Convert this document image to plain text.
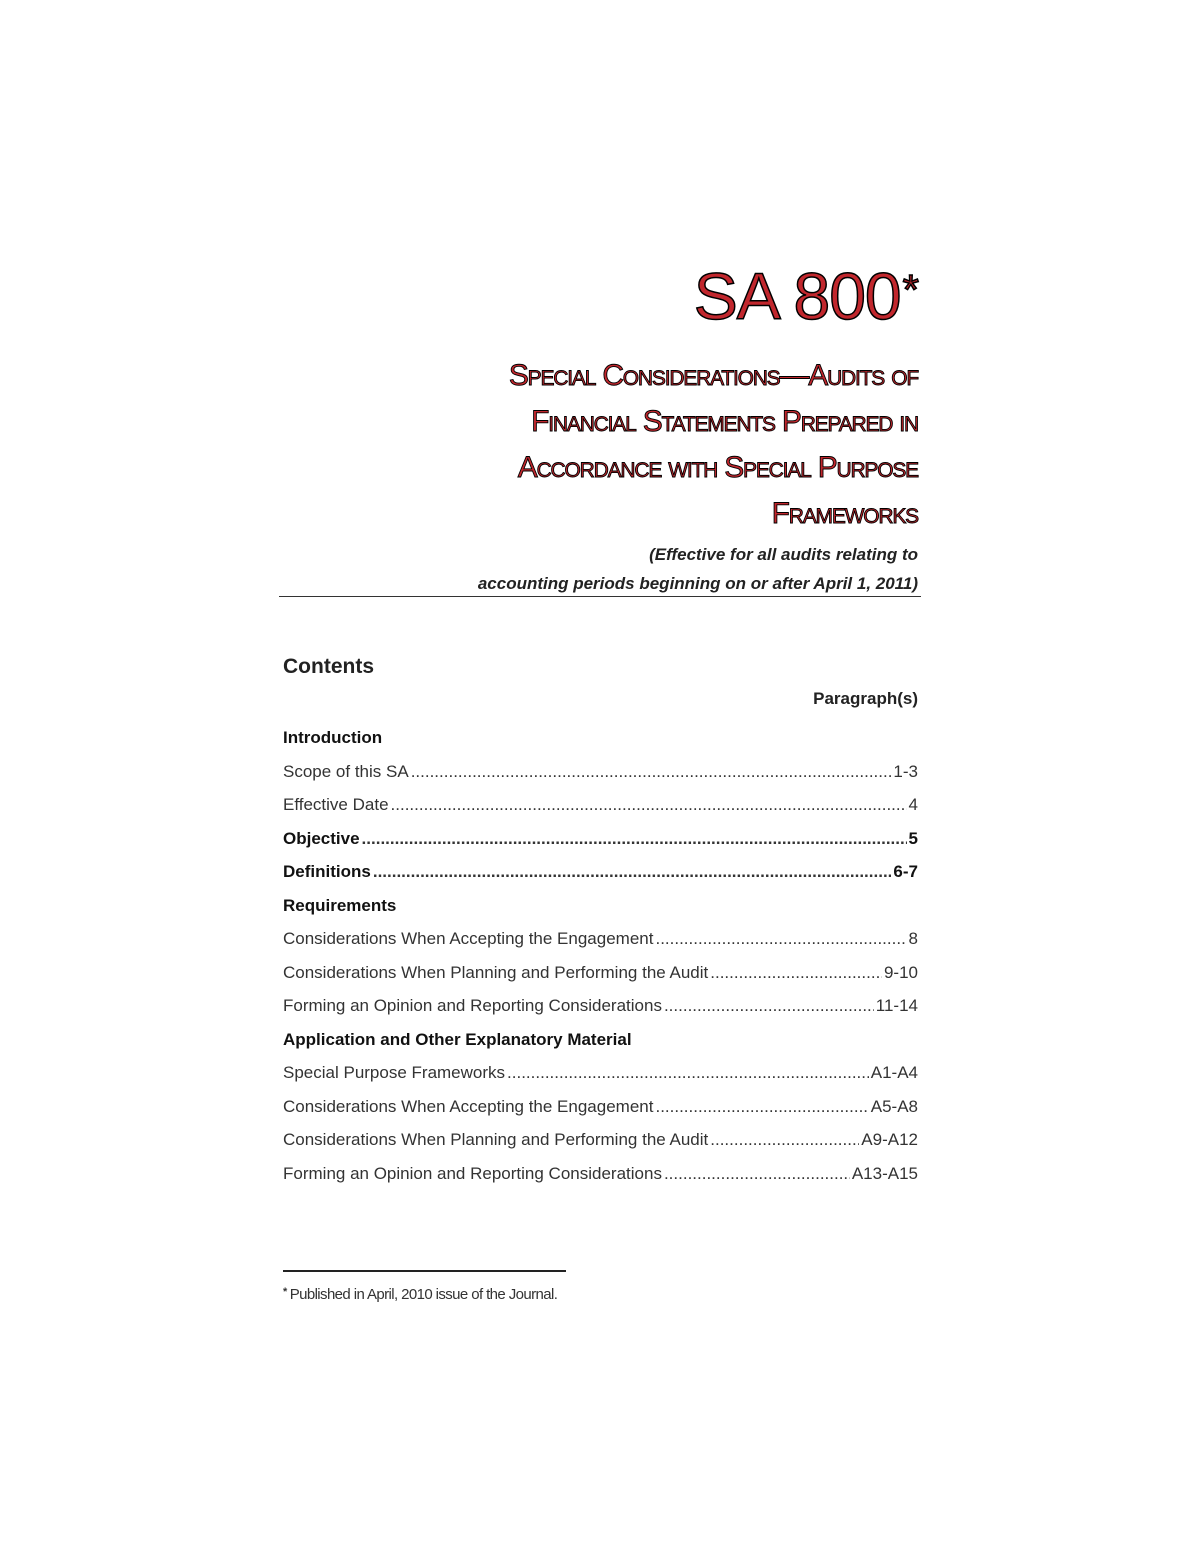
SA 800*
Special Considerations—Audits of
Financial Statements Prepared in
Accordance with Special Purpose
Frameworks
(Effective for all audits relating to
accounting periods beginning on or after April 1, 2011)
Contents
Paragraph(s)
Introduction
Scope of this SA .....	1-3
Effective Date .....	4
Objective .....	5
Definitions .....	6-7
Requirements
Considerations When Accepting the Engagement .....	8
Considerations When Planning and Performing the Audit .....	9-10
Forming an Opinion and Reporting Considerations .....	11-14
Application and Other Explanatory Material
Special Purpose Frameworks .....	A1-A4
Considerations When Accepting the Engagement .....	A5-A8
Considerations When Planning and Performing the Audit .....	A9-A12
Forming an Opinion and Reporting Considerations .....	A13-A15
* Published in April, 2010 issue of the Journal.
